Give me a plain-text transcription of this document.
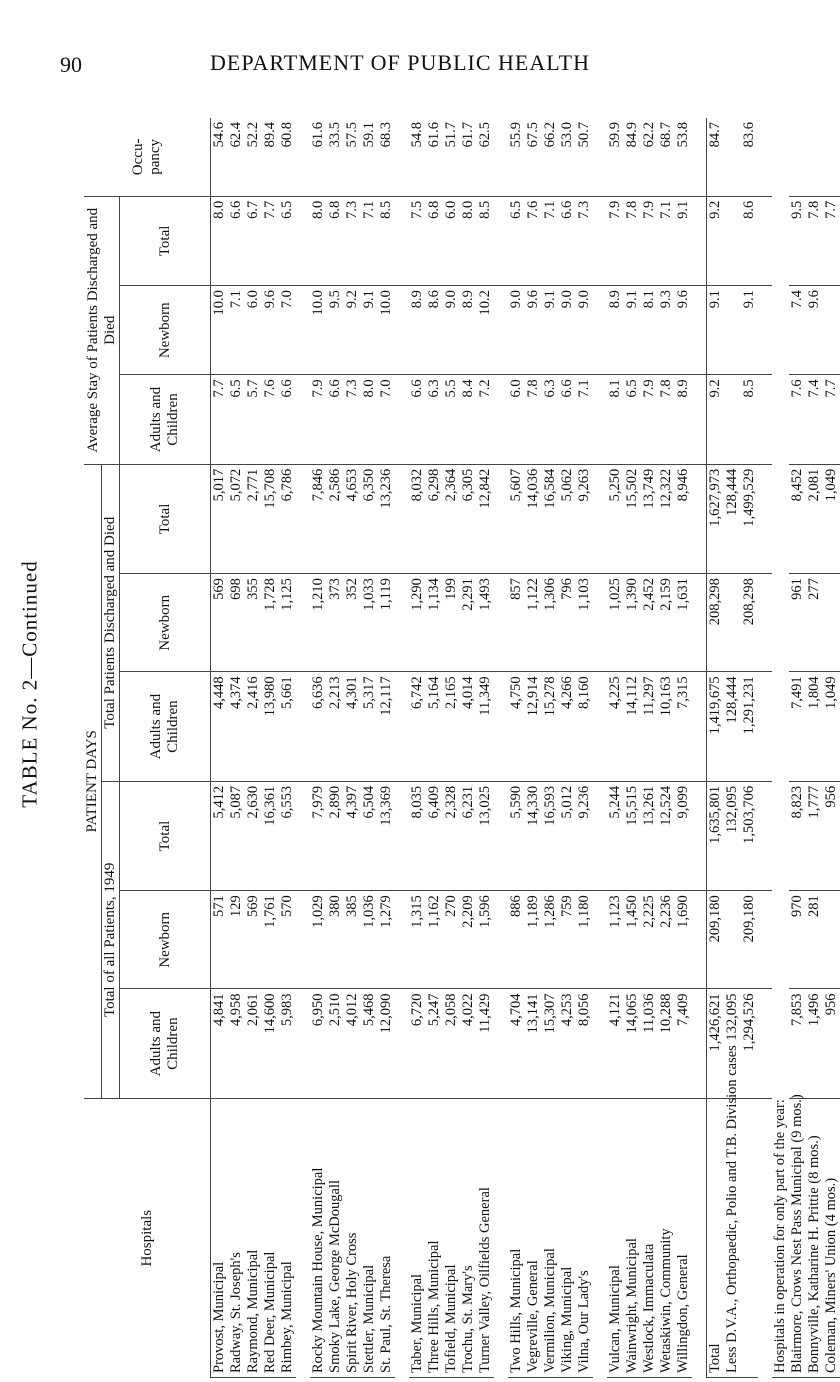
90	DEPARTMENT OF PUBLIC HEALTH
TABLE No. 2—Continued
Hospitals	PATIENT DAYS						Average Stay of Patients Discharged and Died			Occu-pancy
	Total of all Patients, 1949			Total Patients Discharged and Died						
	Adults and Children	Newborn	Total	Adults and Children	Newborn	Total	Adults and Children	Newborn	Total	
Provost, Municipal	4,841	571	5,412	4,448	569	5,017	7.7	10.0	8.0	54.6
Radway, St. Joseph's	4,958	129	5,087	4,374	698	5,072	6.5	7.1	6.6	62.4
Raymond, Municipal	2,061	569	2,630	2,416	355	2,771	5.7	6.0	6.7	52.2
Red Deer, Municipal	14,600	1,761	16,361	13,980	1,728	15,708	7.6	9.6	7.7	89.4
Rimbey, Municipal	5,983	570	6,553	5,661	1,125	6,786	6.6	7.0	6.5	60.8

Rocky Mountain House, Municipal	6,950	1,029	7,979	6,636	1,210	7,846	7.9	10.0	8.0	61.6
Smoky Lake, George McDougall	2,510	380	2,890	2,213	373	2,586	6.6	9.5	6.8	33.5
Spirit River, Holy Cross	4,012	385	4,397	4,301	352	4,653	7.3	9.2	7.3	57.5
Stettler, Municipal	5,468	1,036	6,504	5,317	1,033	6,350	8.0	9.1	7.1	59.1
St. Paul, St. Theresa	12,090	1,279	13,369	12,117	1,119	13,236	7.0	10.0	8.5	68.3

Taber, Municipal	6,720	1,315	8,035	6,742	1,290	8,032	6.6	8.9	7.5	54.8
Three Hills, Municipal	5,247	1,162	6,409	5,164	1,134	6,298	6.3	8.6	6.8	61.6
Tofield, Municipal	2,058	270	2,328	2,165	199	2,364	5.5	9.0	6.0	51.7
Trochu, St. Mary's	4,022	2,209	6,231	4,014	2,291	6,305	8.4	8.9	8.0	61.7
Turner Valley, Oilfields General	11,429	1,596	13,025	11,349	1,493	12,842	7.2	10.2	8.5	62.5

Two Hills, Municipal	4,704	886	5,590	4,750	857	5,607	6.0	9.0	6.5	55.9
Vegreville, General	13,141	1,189	14,330	12,914	1,122	14,036	7.8	9.6	7.6	67.5
Vermilion, Municipal	15,307	1,286	16,593	15,278	1,306	16,584	6.3	9.1	7.1	66.2
Viking, Municipal	4,253	759	5,012	4,266	796	5,062	6.6	9.0	6.6	53.0
Vilna, Our Lady's	8,056	1,180	9,236	8,160	1,103	9,263	7.1	9.0	7.3	50.7

Vulcan, Municipal	4,121	1,123	5,244	4,225	1,025	5,250	8.1	8.9	7.9	59.9
Wainwright, Municipal	14,065	1,450	15,515	14,112	1,390	15,502	6.5	9.1	7.8	84.9
Westlock, Immaculata	11,036	2,225	13,261	11,297	2,452	13,749	7.9	8.1	7.9	62.2
Wetaskiwin, Community	10,288	2,236	12,524	10,163	2,159	12,322	7.8	9.3	7.1	68.7
Willingdon, General	7,409	1,690	9,099	7,315	1,631	8,946	8.9	9.6	9.1	53.8

Total	1,426,621	209,180	1,635,801	1,419,675	208,298	1,627,973	9.2	9.1	9.2	84.7
Less D.V.A., Orthopaedic, Polio and T.B. Division cases	132,095		132,095	128,444		128,444				
	1,294,526	209,180	1,503,706	1,291,231	208,298	1,499,529	8.5	9.1	8.6	83.6

Hospitals in operation for only part of the year:										
Blairmore, Crows Nest Pass Municipal (9 mos.)	7,853	970	8,823	7,491	961	8,452	7.6	7.4	9.5	
Bonnyville, Katharine H. Prittie (8 mos.)	1,496	281	1,777	1,804	277	2,081	7.4	9.6	7.8	
Coleman, Miners' Union (4 mos.)	956		956	1,049		1,049	7.7		7.7	
